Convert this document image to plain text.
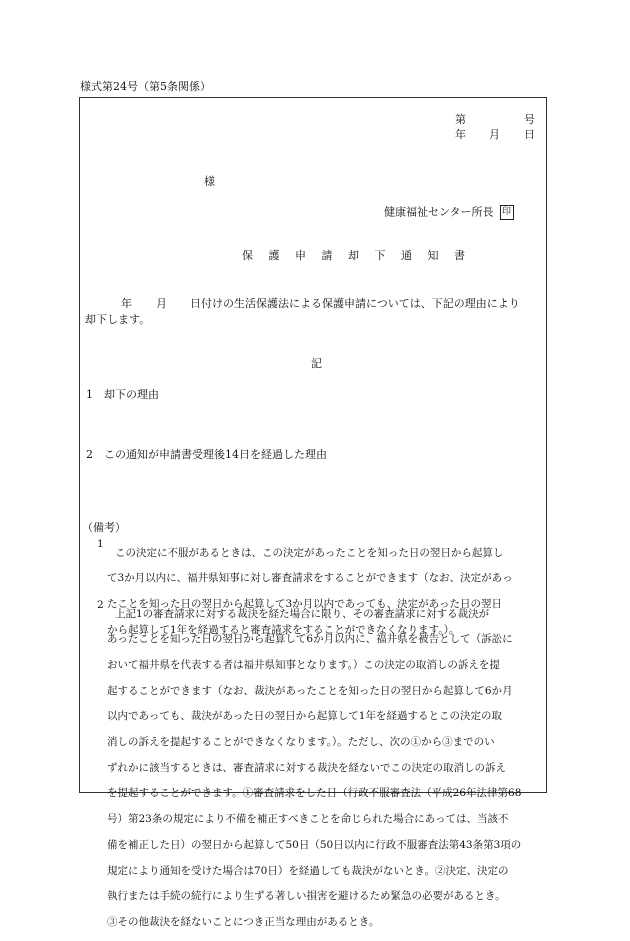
様式第24号（第5条関係）
第	号
年 月 日
様
健康福祉センター所長 印
保 護 申 請 却 下 通 知 書
年 月 日付けの生活保護法による保護申請については、下記の理由により
却下します。
記
1 却下の理由
2 この通知が申請書受理後14日を経過した理由
（備考）
1

この決定に不服があるときは、この決定があったことを知った日の翌日から起算し

て3か月以内に、福井県知事に対し審査請求をすることができます（なお、決定があっ

たことを知った日の翌日から起算して3か月以内であっても、決定があった日の翌日

から起算して1年を経過すると審査請求をすることができなくなります。）。

2

上記1の審査請求に対する裁決を経た場合に限り、その審査請求に対する裁決が

あったことを知った日の翌日から起算して6か月以内に、福井県を被告として（訴訟に

おいて福井県を代表する者は福井県知事となります。）この決定の取消しの訴えを提

起することができます（なお、裁決があったことを知った日の翌日から起算して6か月

以内であっても、裁決があった日の翌日から起算して1年を経過するとこの決定の取

消しの訴えを提起することができなくなります。）。ただし、次の①から③までのい

ずれかに該当するときは、審査請求に対する裁決を経ないでこの決定の取消しの訴え

を提起することができます。①審査請求をした日（行政不服審査法（平成26年法律第68

号）第23条の規定により不備を補正すべきことを命じられた場合にあっては、当該不

備を補正した日）の翌日から起算して50日（50日以内に行政不服審査法第43条第3項の

規定により通知を受けた場合は70日）を経過しても裁決がないとき。②決定、決定の

執行または手続の続行により生ずる著しい損害を避けるため緊急の必要があるとき。

③その他裁決を経ないことにつき正当な理由があるとき。
